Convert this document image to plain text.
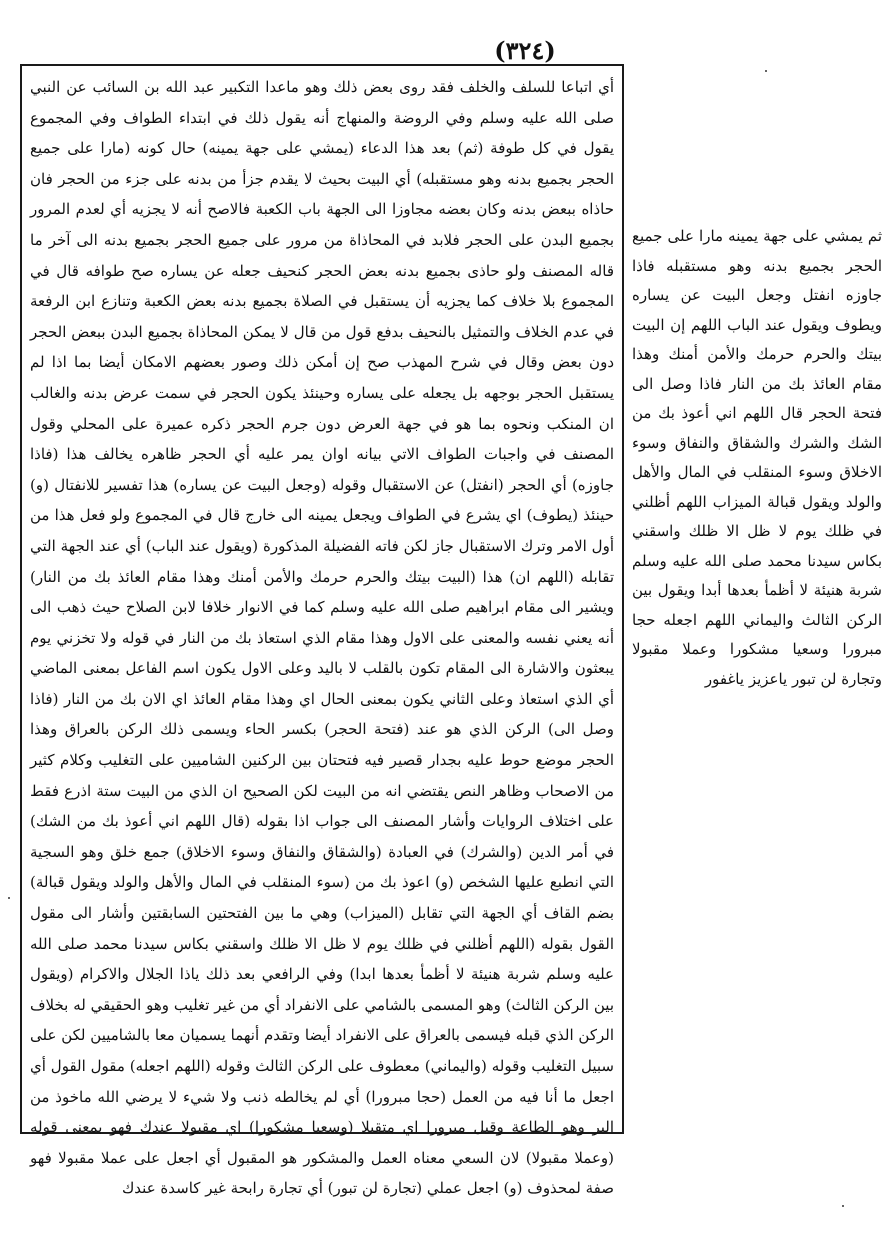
(٣٢٤)

أي اتباعا للسلف والخلف فقد روى بعض ذلك وهو ماعدا التكبير عبد الله بن السائب عن النبي صلى الله عليه وسلم وفي الروضة والمنهاج أنه يقول ذلك في ابتداء الطواف وفي المجموع يقول في كل طوفة (ثم) بعد هذا الدعاء (يمشي على جهة يمينه) حال كونه (مارا على جميع الحجر بجميع بدنه وهو مستقبله) أي البيت بحيث لا يقدم جزأ من بدنه على جزء من الحجر فان حاذاه ببعض بدنه وكان بعضه مجاوزا الى الجهة باب الكعبة فالاصح أنه لا يجزيه أي لعدم المرور بجميع البدن على الحجر فلابد في المحاذاة من مرور على جميع الحجر بجميع بدنه الى آخر ما قاله المصنف ولو حاذى بجميع بدنه بعض الحجر كنحيف جعله عن يساره صح طوافه قال في المجموع بلا خلاف كما يجزيه أن يستقبل في الصلاة بجميع بدنه بعض الكعبة وتنازع ابن الرفعة في عدم الخلاف والتمثيل بالنحيف بدفع قول من قال لا يمكن المحاذاة بجميع البدن ببعض الحجر دون بعض وقال في شرح المهذب صح إن أمكن ذلك وصور بعضهم الامكان أيضا بما اذا لم يستقبل الحجر بوجهه بل يجعله على يساره وحينئذ يكون الحجر في سمت عرض بدنه والغالب ان المنكب ونحوه بما هو في جهة العرض دون جرم الحجر ذكره عميرة على المحلي وقول المصنف في واجبات الطواف الاتي بيانه اوان يمر عليه أي الحجر ظاهره يخالف هذا (فاذا جاوزه) أي الحجر (انفتل) عن الاستقبال وقوله (وجعل البيت عن يساره) هذا تفسير للانفتال (و) حينئذ (يطوف) اي يشرع في الطواف ويجعل يمينه الى خارج قال في المجموع ولو فعل هذا من أول الامر وترك الاستقبال جاز لكن فاته الفضيلة المذكورة (ويقول عند الباب) أي عند الجهة التي تقابله (اللهم ان) هذا (البيت بيتك والحرم حرمك والأمن أمنك وهذا مقام العائذ بك من النار) ويشير الى مقام ابراهيم صلى الله عليه وسلم كما في الانوار خلافا لابن الصلاح حيث ذهب الى أنه يعني نفسه والمعنى على الاول وهذا مقام الذي استعاذ بك من النار في قوله ولا تخزني يوم يبعثون والاشارة الى المقام تكون بالقلب لا باليد وعلى الاول يكون اسم الفاعل بمعنى الماضي أي الذي استعاذ وعلى الثاني يكون بمعنى الحال اي وهذا مقام العائذ اي الان بك من النار (فاذا وصل الى) الركن الذي هو عند (فتحة الحجر) بكسر الحاء ويسمى ذلك الركن بالعراق وهذا الحجر موضع حوط عليه بجدار قصير فيه فتحتان بين الركنين الشاميين على التغليب وكلام كثير من الاصحاب وظاهر النص يقتضي انه من البيت لكن الصحيح ان الذي من البيت ستة اذرع فقط على اختلاف الروايات وأشار المصنف الى جواب اذا بقوله (قال اللهم اني أعوذ بك من الشك) في أمر الدين (والشرك) في العبادة (والشقاق والنفاق وسوء الاخلاق) جمع خلق وهو السجية التي انطبع عليها الشخص (و) اعوذ بك من (سوء المنقلب في المال والأهل والولد ويقول قبالة) بضم القاف أي الجهة التي تقابل (الميزاب) وهي ما بين الفتحتين السابقتين وأشار الى مقول القول بقوله (اللهم أظلني في ظلك يوم لا ظل الا ظلك واسقني بكاس سيدنا محمد صلى الله عليه وسلم شربة هنيئة لا أظمأ بعدها ابدا) وفي الرافعي بعد ذلك ياذا الجلال والاكرام (ويقول بين الركن الثالث) وهو المسمى بالشامي على الانفراد أي من غير تغليب وهو الحقيقي له بخلاف الركن الذي قبله فيسمى بالعراق على الانفراد أيضا وتقدم أنهما يسميان معا بالشاميين لكن على سبيل التغليب وقوله (واليماني) معطوف على الركن الثالث وقوله (اللهم اجعله) مقول القول أي اجعل ما أنا فيه من العمل (حجا مبرورا) أي لم يخالطه ذنب ولا شيء لا يرضي الله ماخوذ من البر وهو الطاعة وقيل مبرورا اي متقبلا (وسعيا مشكورا) اي مقبولا عندك فهو بمعنى قوله (وعملا مقبولا) لان السعي معناه العمل والمشكور هو المقبول أي اجعل على عملا مقبولا فهو صفة لمحذوف (و) اجعل عملي (تجارة لن تبور) أي تجارة رابحة غير كاسدة عندك

ثم يمشي على جهة يمينه مارا على جميع الحجر بجميع بدنه وهو مستقبله فاذا جاوزه انفتل وجعل البيت عن يساره ويطوف ويقول عند الباب اللهم إن البيت بيتك والحرم حرمك والأمن أمنك وهذا مقام العائذ بك من النار فاذا وصل الى فتحة الحجر قال اللهم اني أعوذ بك من الشك والشرك والشقاق والنفاق وسوء الاخلاق وسوء المنقلب في المال والأهل والولد ويقول قبالة الميزاب اللهم أظلني في ظلك يوم لا ظل الا ظلك واسقني بكاس سيدنا محمد صلى الله عليه وسلم شربة هنيئة لا أظمأ بعدها أبدا ويقول بين الركن الثالث واليماني اللهم اجعله حجا مبرورا وسعيا مشكورا وعملا مقبولا وتجارة لن تبور ياعزيز ياغفور
